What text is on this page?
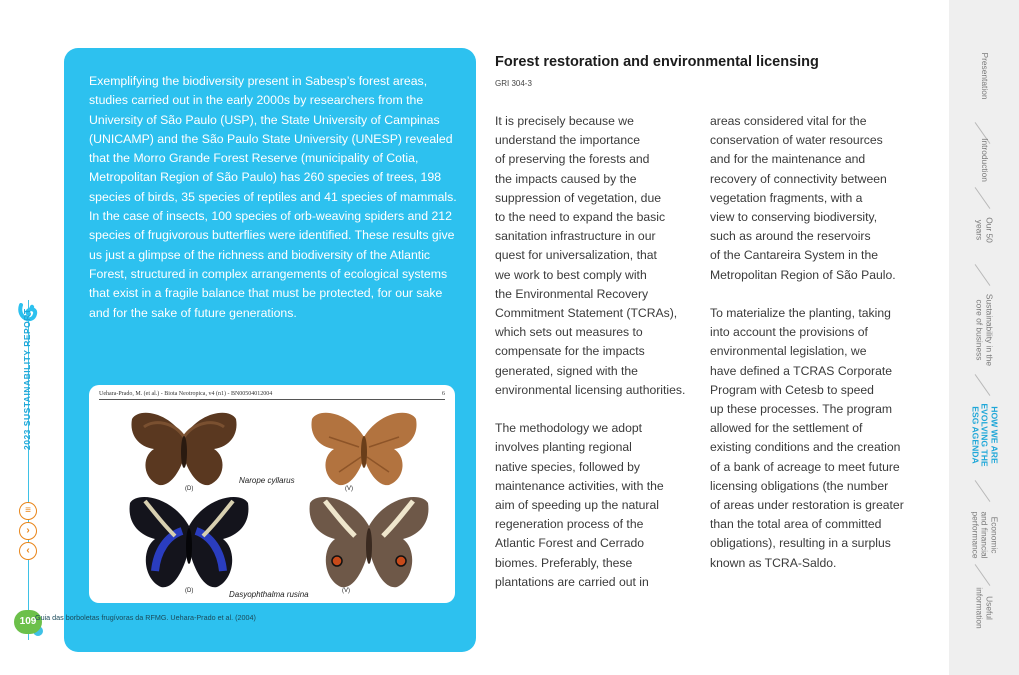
2023 SUSTAINABILITY REPORT
≡
›
‹
109

Exemplifying the biodiversity present in Sabesp’s forest areas, studies carried out in the early 2000s by researchers from the University of São Paulo (USP), the State University of Campinas (UNICAMP) and the São Paulo State University (UNESP) revealed that the Morro Grande Forest Reserve (municipality of Cotia, Metropolitan Region of São Paulo) has 260 species of trees, 198 species of birds, 35 species of reptiles and 41 species of mammals. In the case of insects, 100 species of orb-weaving spiders and 212 species of frugivorous butterflies were identified. These results give us just a glimpse of the richness and biodiversity of the Atlantic Forest, structured in complex arrangements of ecological systems that exist in a fragile balance that must be protected, for our sake and for the sake of future generations.

Uehara-Prado, M. (et al.) - Biota Neotropica, v4 (n1) - BN00504012004	6
(D)
Narope cyllarus
(V)
(D)	Dasyophthalma rusina	(V)
Guia das borboletas frugívoras da RFMG. Uehara-Prado et al. (2004)
Forest restoration and environmental licensing
GRI 304-3
It is precisely because we
understand the importance
of preserving the forests and
the impacts caused by the
suppression of vegetation, due
to the need to expand the basic
sanitation infrastructure in our
quest for universalization, that
we work to best comply with
the Environmental Recovery
Commitment Statement (TCRAs),
which sets out measures to
compensate for the impacts
generated, signed with the
environmental licensing authorities.
The methodology we adopt
involves planting regional
native species, followed by
maintenance activities, with the
aim of speeding up the natural
regeneration process of the
Atlantic Forest and Cerrado
biomes. Preferably, these
plantations are carried out in
areas considered vital for the
conservation of water resources
and for the maintenance and
recovery of connectivity between
vegetation fragments, with a
view to conserving biodiversity,
such as around the reservoirs
of the Cantareira System in the
Metropolitan Region of São Paulo.
To materialize the planting, taking
into account the provisions of
environmental legislation, we
have defined a TCRAS Corporate
Program with Cetesb to speed
up these processes. The program
allowed for the settlement of
existing conditions and the creation
of a bank of acreage to meet future
licensing obligations (the number
of areas under restoration is greater
than the total area of committed
obligations), resulting in a surplus
known as TCRA-Saldo.
Presentation
Introduction
Our 50
years
Sustainability in the
core of business
HOW WE ARE
EVOLVING THE
ESG AGENDA
Economic
and financial
performance
Useful
information
